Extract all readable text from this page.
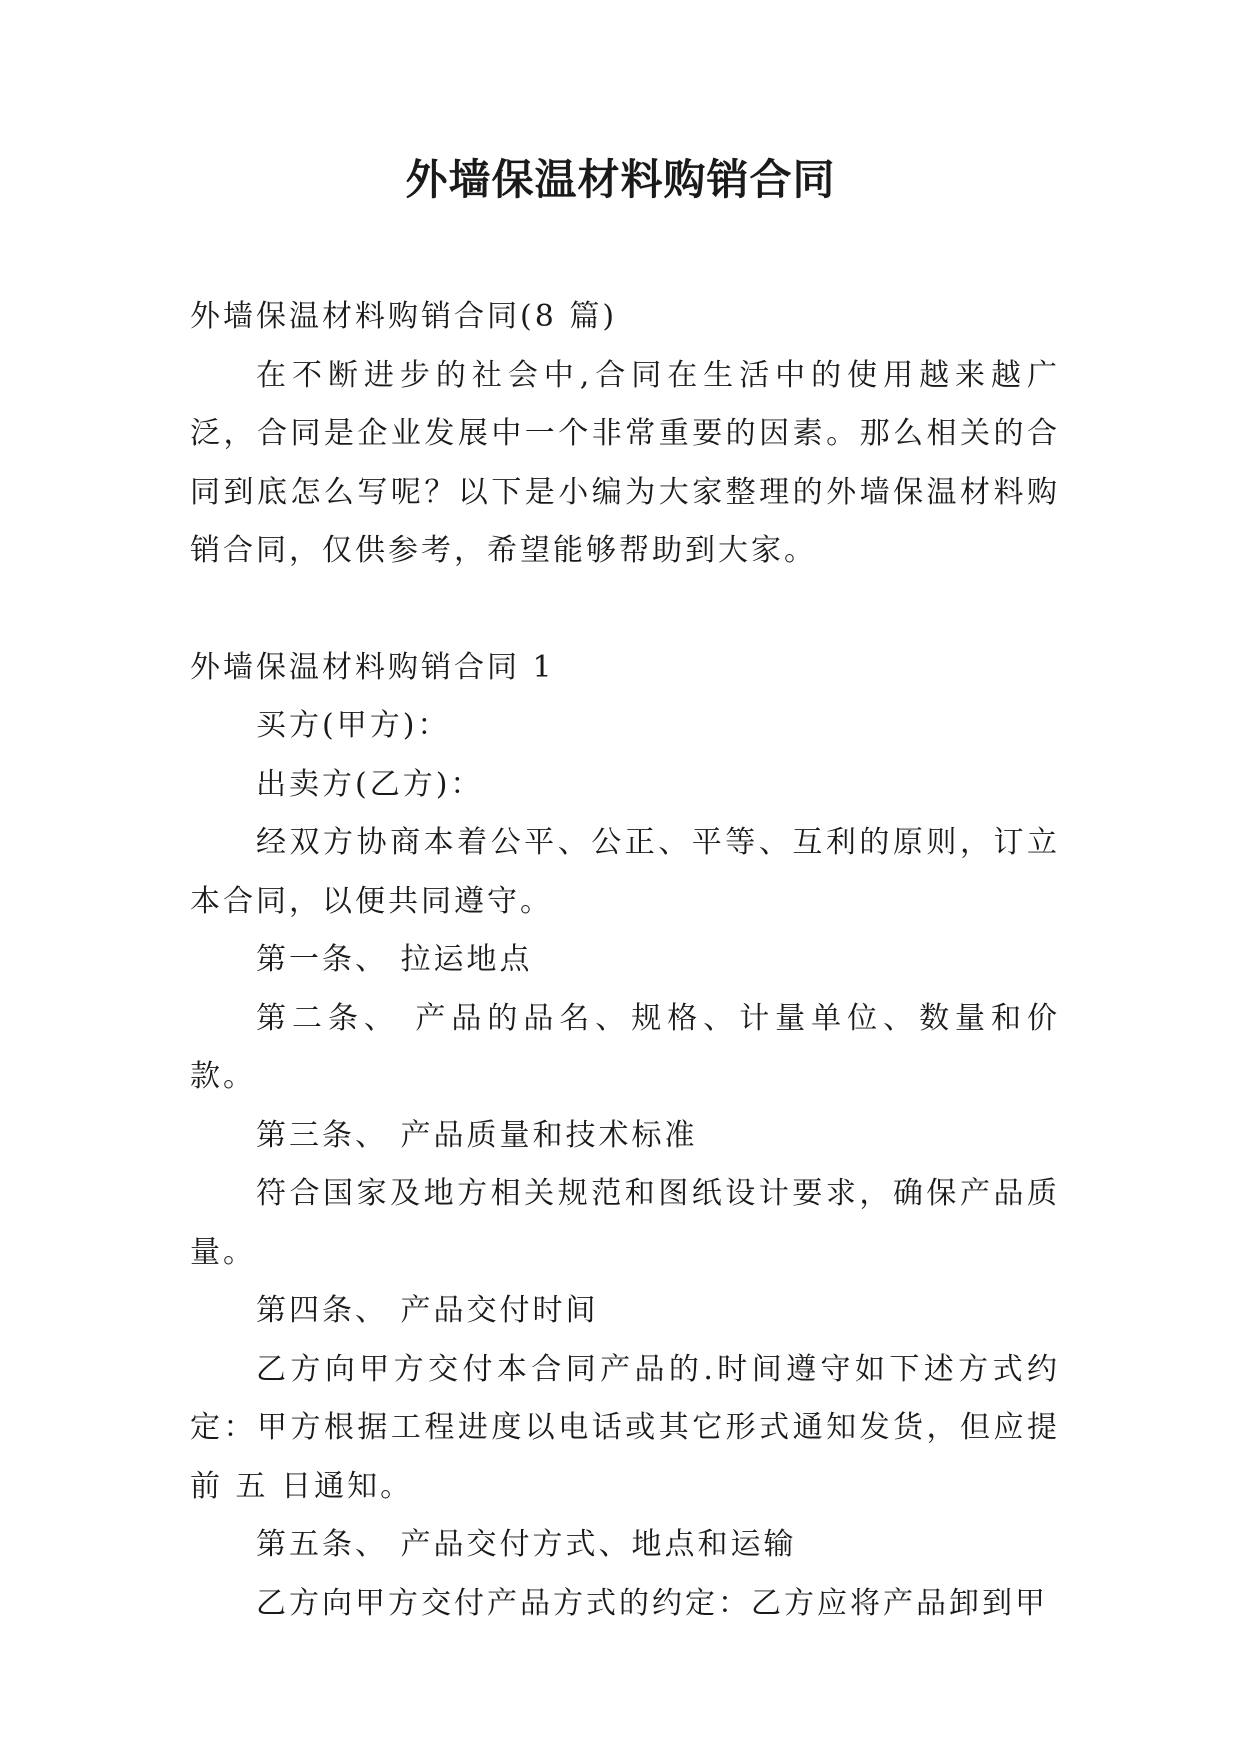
外墙保温材料购销合同

外墙保温材料购销合同(8 篇)

在不断进步的社会中,合同在生活中的使用越来越广泛，合同是企业发展中一个非常重要的因素。那么相关的合同到底怎么写呢？以下是小编为大家整理的外墙保温材料购销合同，仅供参考，希望能够帮助到大家。

外墙保温材料购销合同 1

买方(甲方)：

出卖方(乙方)：

经双方协商本着公平、公正、平等、互利的原则，订立本合同，以便共同遵守。

第一条、 拉运地点

第二条、 产品的品名、规格、计量单位、数量和价款。

第三条、 产品质量和技术标准

符合国家及地方相关规范和图纸设计要求，确保产品质量。

第四条、 产品交付时间

乙方向甲方交付本合同产品的.时间遵守如下述方式约定：甲方根据工程进度以电话或其它形式通知发货，但应提前 五 日通知。

第五条、 产品交付方式、地点和运输

乙方向甲方交付产品方式的约定：乙方应将产品卸到甲
